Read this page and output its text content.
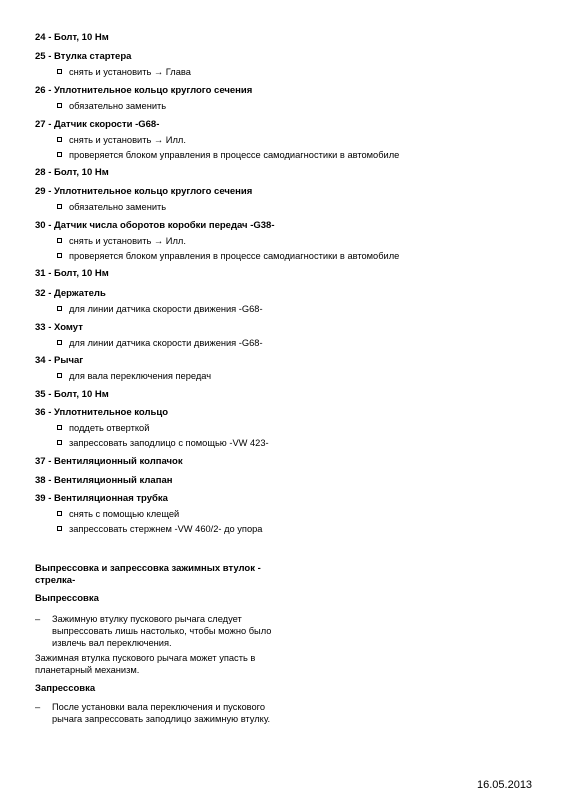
24 - Болт, 10 Нм
25 - Втулка стартера
снять и установить → Глава
26 - Уплотнительное кольцо круглого сечения
обязательно заменить
27 - Датчик скорости -G68-
снять и установить → Илл.
проверяется блоком управления в процессе самодиагностики в автомобиле
28 - Болт, 10 Нм
29 - Уплотнительное кольцо круглого сечения
обязательно заменить
30 - Датчик числа оборотов коробки передач -G38-
снять и установить → Илл.
проверяется блоком управления в процессе самодиагностики в автомобиле
31 - Болт, 10 Нм
32 - Держатель
для линии датчика скорости движения -G68-
33 - Хомут
для линии датчика скорости движения -G68-
34 - Рычаг
для вала переключения передач
35 - Болт, 10 Нм
36 - Уплотнительное кольцо
поддеть отверткой
запрессовать заподлицо с помощью -VW 423-
37 - Вентиляционный колпачок
38 - Вентиляционный клапан
39 - Вентиляционная трубка
снять с помощью клещей
запрессовать стержнем -VW 460/2- до упора
Выпрессовка и запрессовка зажимных втулок -
стрелка-
Выпрессовка
– Зажимную втулку пускового рычага следует
выпрессовать лишь настолько, чтобы можно было
извлечь вал переключения.
Зажимная втулка пускового рычага может упасть в
планетарный механизм.
Запрессовка
– После установки вала переключения и пускового
рычага запрессовать заподлицо зажимную втулку.
16.05.2013
